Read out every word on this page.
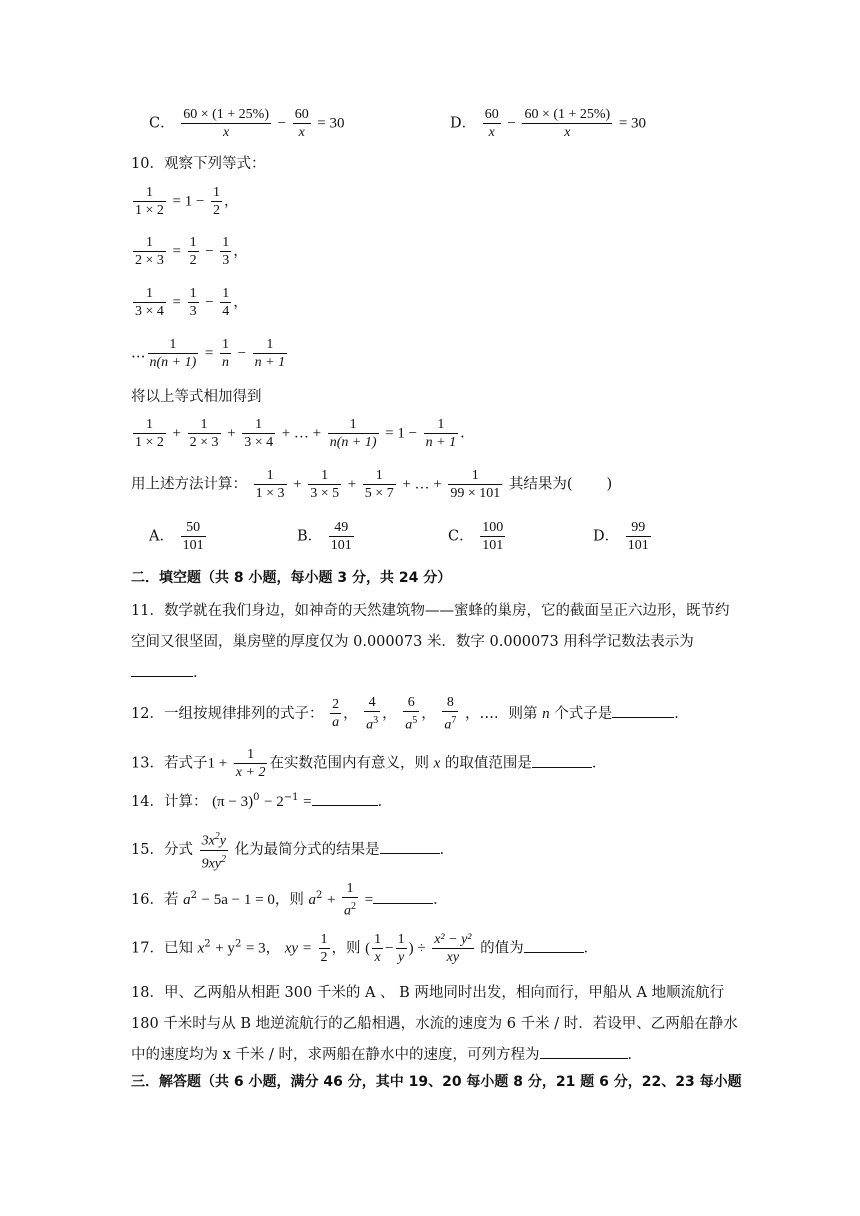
C． $\frac{60 \times (1 + 25\%)}{x} - \frac{60}{x} = 30$	D． $\frac{60}{x} - \frac{60 \times (1 + 25\%)}{x} = 30$
10．观察下列等式：
$\frac{1}{1 \times 2} = 1 - \frac{1}{2}$ ，
$\frac{1}{2 \times 3} = \frac{1}{2} - \frac{1}{3}$ ，
$\frac{1}{3 \times 4} = \frac{1}{3} - \frac{1}{4}$ ，
… $\frac{1}{n(n + 1)} = \frac{1}{n} - \frac{1}{n + 1}$
将以上等式相加得到
$\frac{1}{1 \times 2} + \frac{1}{2 \times 3} + \frac{1}{3 \times 4}$ + … + $\frac{1}{n(n + 1)} = 1 - \frac{1}{n + 1}$ .
用上述方法计算： $\frac{1}{1 \times 3} + \frac{1}{3 \times 5} + \frac{1}{5 \times 7}$ + … + $\frac{1}{99 \times 101}$ 其结果为( )
A． $\frac{50}{101}$	B． $\frac{49}{101}$	C． $\frac{100}{101}$	D． $\frac{99}{101}$
二．填空题（共 8 小题，每小题 3 分，共 24 分）
11．数学就在我们身边，如神奇的天然建筑物——蜜蜂的巢房，它的截面呈正六边形，既节约空间又很坚固，巢房壁的厚度仅为 0.000073 米．数字 0.000073 用科学记数法表示为 ．
12．一组按规律排列的式子： $\frac{2}{a}$ ， $\frac{4}{a^3}$ ， $\frac{6}{a^5}$ ， $\frac{8}{a^7}$ ，…．则第 n 个式子是	．
13．若式子$1 + \frac{1}{x + 2}$ 在实数范围内有意义，则 x 的取值范围是	．
14．计算： $(\pi - 3)^0 - 2^{-1}$ =	．
15．分式 $\frac{3x^2y}{9xy^2}$ 化为最简分式的结果是	．
16．若 $a^2 - 5a - 1 = 0$，则 $a^2 + \frac{1}{a^2}$ =	．
17．已知 $x^2 + y^2 = 3$， xy = $\frac{1}{2}$ ，则 ( $\frac{1}{x} - \frac{1}{y}$ ) ÷ $\frac{\text{x² − y²}}{xy}$ 的值为	．
18．甲、乙两船从相距 300 千米的 A 、 B 两地同时出发，相向而行，甲船从 A 地顺流航行 180 千米时与从 B 地逆流航行的乙船相遇，水流的速度为 6 千米 / 时．若设甲、乙两船在静水中的速度均为 x 千米 / 时，求两船在静水中的速度，可列方程为	．
三．解答题（共 6 小题，满分 46 分，其中 19、20 每小题 8 分，21 题 6 分，22、23 每小题
